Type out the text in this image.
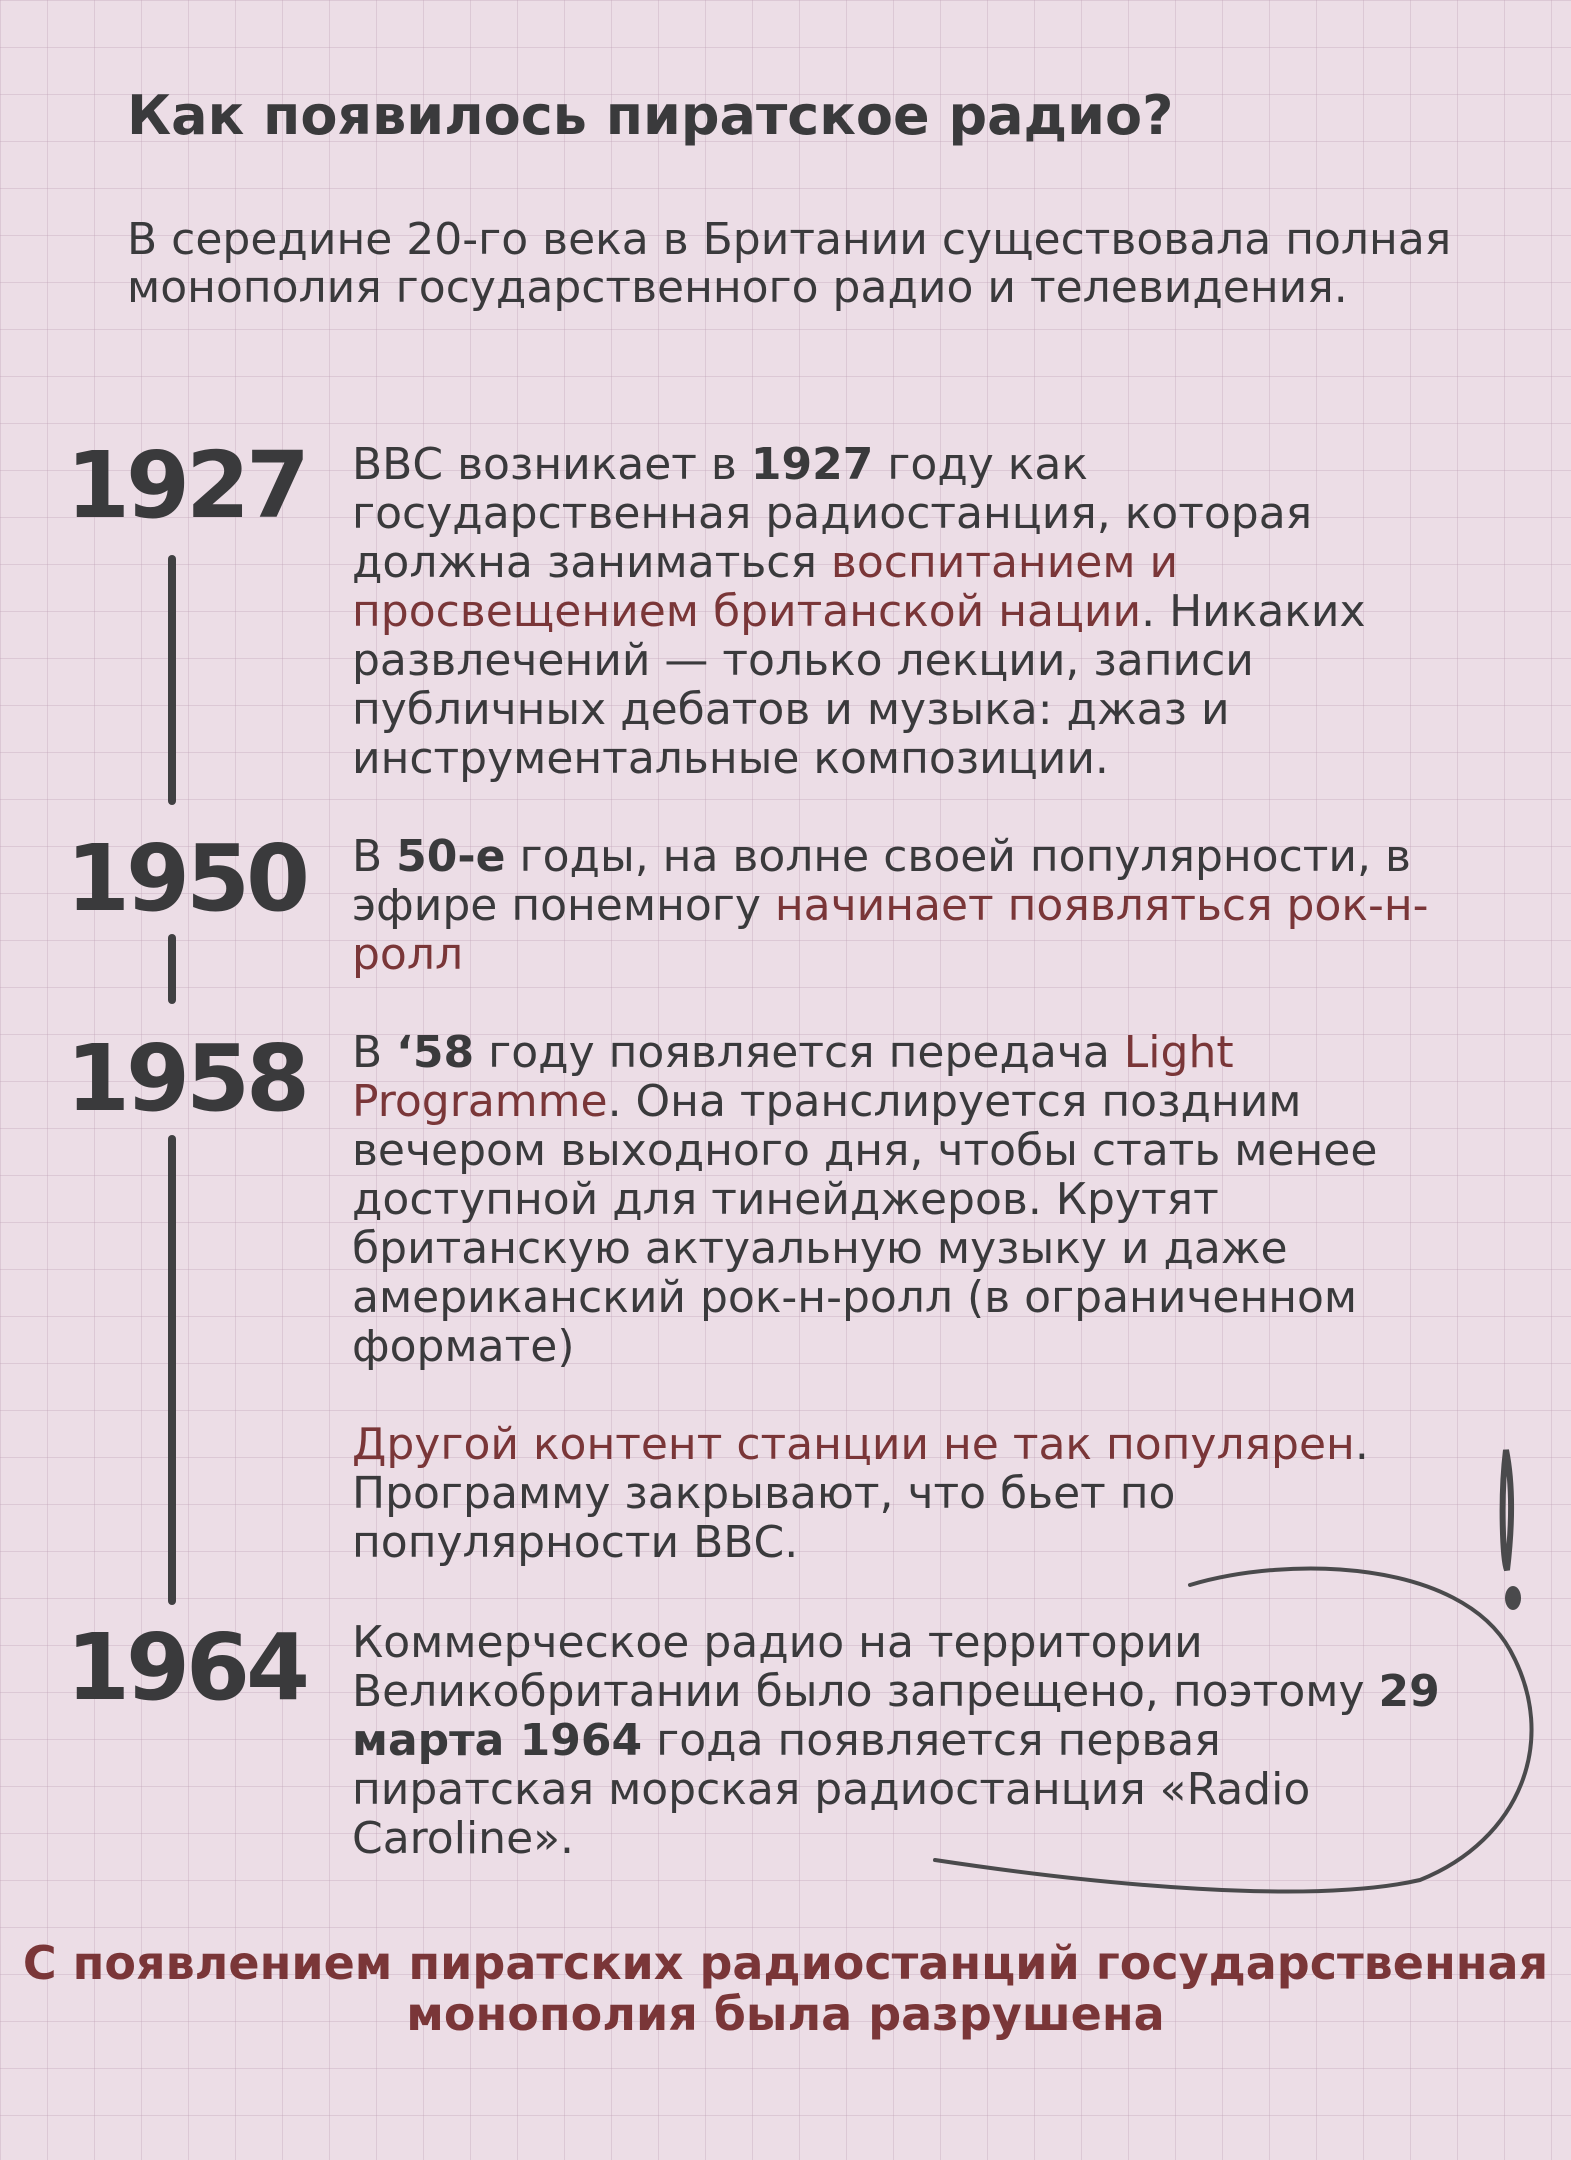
Как появилось пиратское радио?

В середине 20-го века в Британии существовала полная монополия государственного радио и телевидения.

1927 ВВС возникает в 1927 году как государственная радиостанция, которая должна заниматься воспитанием и просвещением британской нации. Никаких развлечений — только лекции, записи публичных дебатов и музыка: джаз и инструментальные композиции.

1950 В 50-е годы, на волне своей популярности, в эфире понемногу начинает появляться рок-н-ролл

1958 В ‘58 году появляется передача Light Programme. Она транслируется поздним вечером выходного дня, чтобы стать менее доступной для тинейджеров. Крутят британскую актуальную музыку и даже американский рок-н-ролл (в ограниченном формате)

Другой контент станции не так популярен. Программу закрывают, что бьет по популярности ВВС.

1964 Коммерческое радио на территории Великобритании было запрещено, поэтому 29 марта 1964 года появляется первая пиратская морская радиостанция «Radio Caroline».

С появлением пиратских радиостанций государственная монополия была разрушена
